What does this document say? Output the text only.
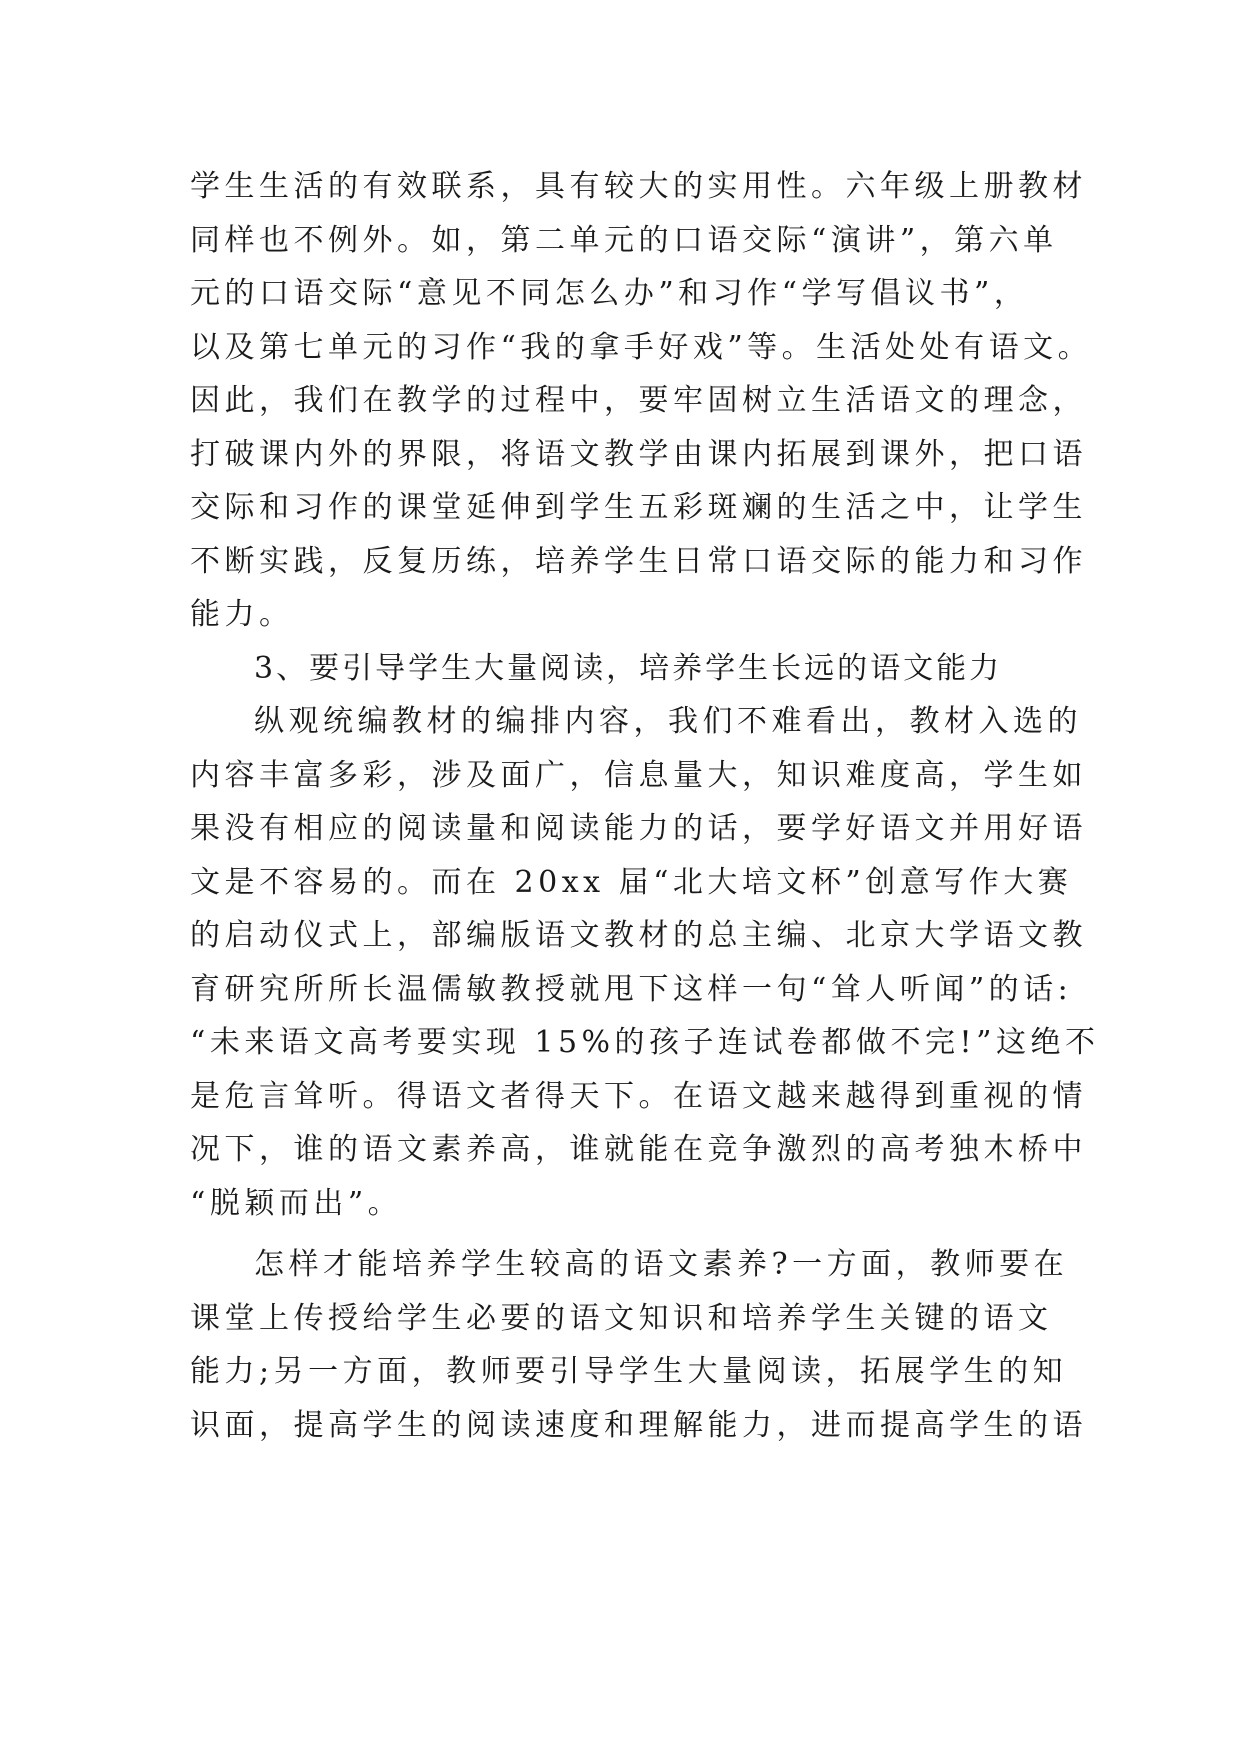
学生生活的有效联系，具有较大的实用性。六年级上册教材
同样也不例外。如，第二单元的口语交际“演讲”，第六单
元的口语交际“意见不同怎么办”和习作“学写倡议书”，
以及第七单元的习作“我的拿手好戏”等。生活处处有语文。
因此，我们在教学的过程中，要牢固树立生活语文的理念，
打破课内外的界限，将语文教学由课内拓展到课外，把口语
交际和习作的课堂延伸到学生五彩斑斓的生活之中，让学生
不断实践，反复历练，培养学生日常口语交际的能力和习作
能力。
3、要引导学生大量阅读，培养学生长远的语文能力
纵观统编教材的编排内容，我们不难看出，教材入选的
内容丰富多彩，涉及面广，信息量大，知识难度高，学生如
果没有相应的阅读量和阅读能力的话，要学好语文并用好语
文是不容易的。而在 20xx 届“北大培文杯”创意写作大赛
的启动仪式上，部编版语文教材的总主编、北京大学语文教
育研究所所长温儒敏教授就甩下这样一句“耸人听闻”的话:
“未来语文高考要实现 15%的孩子连试卷都做不完!”这绝不
是危言耸听。得语文者得天下。在语文越来越得到重视的情
况下，谁的语文素养高，谁就能在竞争激烈的高考独木桥中
“脱颖而出”。
怎样才能培养学生较高的语文素养?一方面，教师要在
课堂上传授给学生必要的语文知识和培养学生关键的语文
能力;另一方面，教师要引导学生大量阅读，拓展学生的知
识面，提高学生的阅读速度和理解能力，进而提高学生的语
